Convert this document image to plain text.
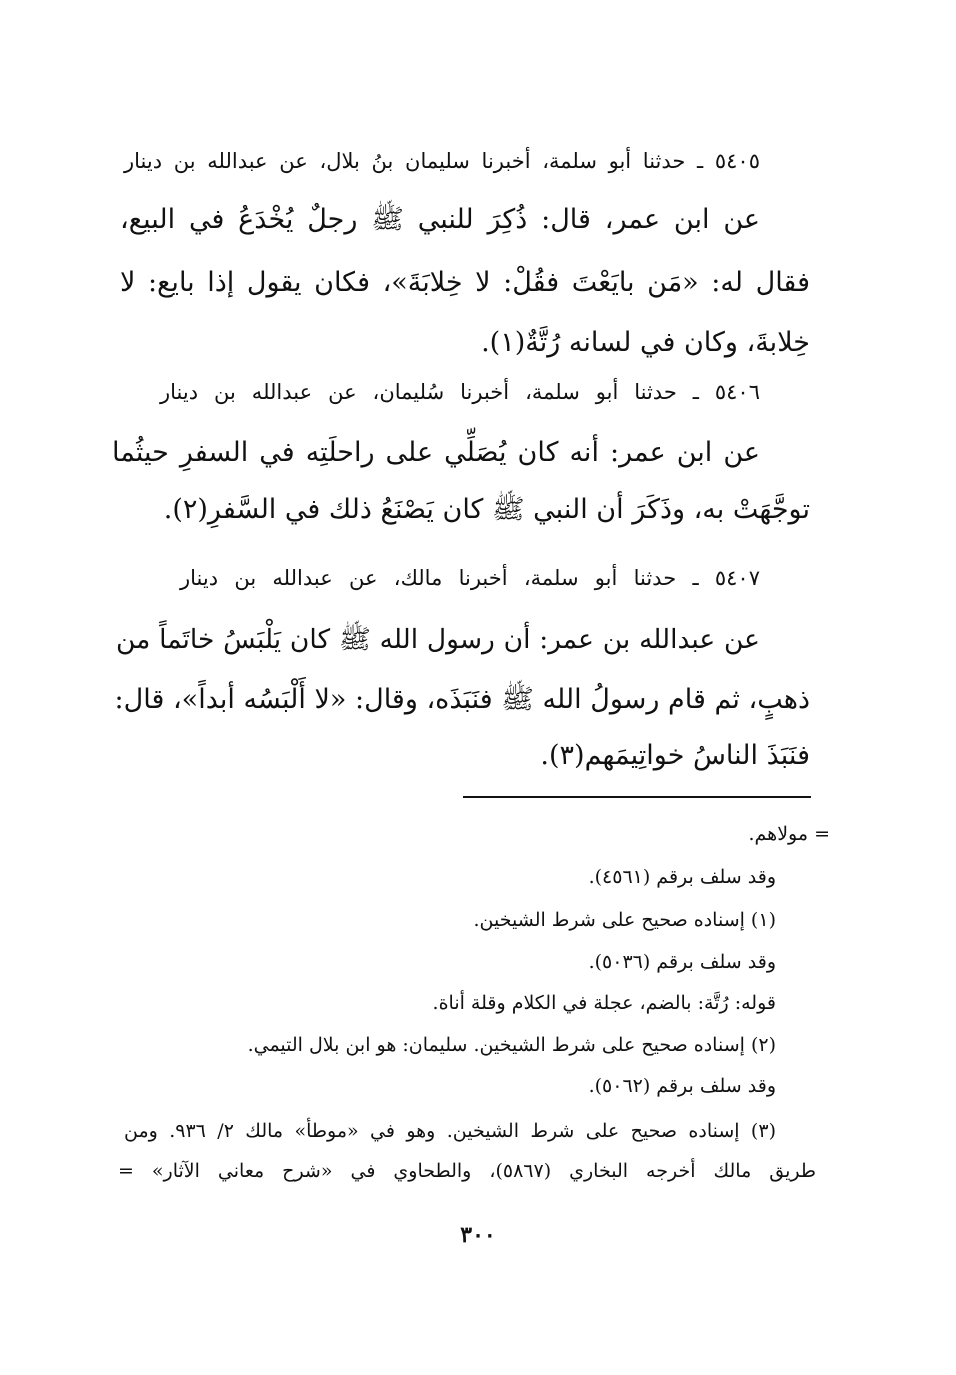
٥٤٠٥ ـ حدثنا أبو سلمة، أخبرنا سليمان بنُ بلال، عن عبدالله بن دينار
عن ابن عمر، قال: ذُكِرَ للنبي ﷺ رجلٌ يُخْدَعُ في البيع،
فقال له: «مَن بايَعْتَ فقُلْ: لا خِلابَةَ»، فكان يقول إذا بايع: لا
خِلابةَ، وكان في لسانه رُتَّةٌ(١).
٥٤٠٦ ـ حدثنا أبو سلمة، أخبرنا سُليمان، عن عبدالله بن دينار
عن ابن عمر: أنه كان يُصَلِّي على راحلَتِه في السفرِ حيثُما
توجَّهَتْ به، وذَكَرَ أن النبي ﷺ كان يَصْنَعُ ذلك في السَّفرِ(٢).
٥٤٠٧ ـ حدثنا أبو سلمة، أخبرنا مالك، عن عبدالله بن دينار
عن عبدالله بن عمر: أن رسول الله ﷺ كان يَلْبَسُ خاتَماً من
ذهبٍ، ثم قام رسولُ الله ﷺ فنَبَذَه، وقال: «لا أَلْبَسُه أبداً»، قال:
فنَبَذَ الناسُ خواتِيمَهم(٣).
= مولاهم.
وقد سلف برقم (٤٥٦١).
(١) إسناده صحيح على شرط الشيخين.
وقد سلف برقم (٥٠٣٦).
قوله: رُتَّة: بالضم، عجلة في الكلام وقلة أناة.
(٢) إسناده صحيح على شرط الشيخين. سليمان: هو ابن بلال التيمي.
وقد سلف برقم (٥٠٦٢).
(٣) إسناده صحيح على شرط الشيخين. وهو في «موطأ» مالك ٢/ ٩٣٦. ومن
طريق مالك أخرجه البخاري (٥٨٦٧)، والطحاوي في «شرح معاني الآثار» =
٣٠٠
